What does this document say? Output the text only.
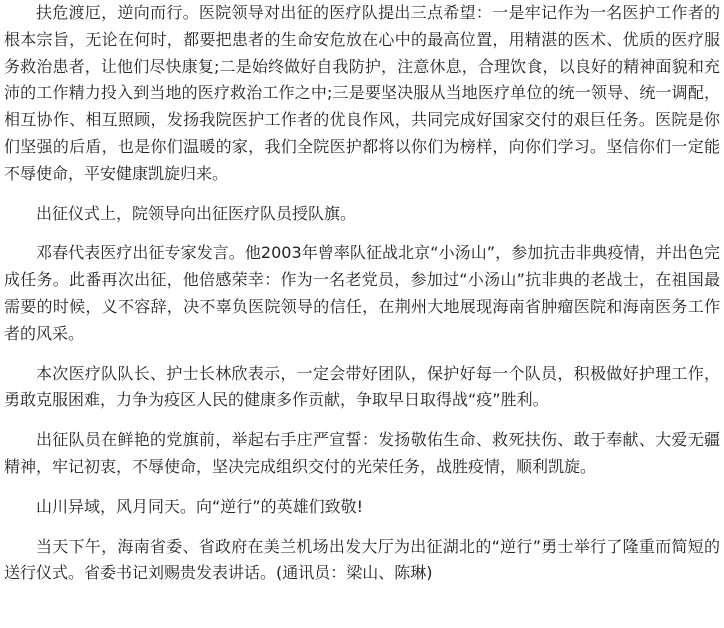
扶危渡厄，逆向而行。医院领导对出征的医疗队提出三点希望：一是牢记作为一名医护工作者的根本宗旨，无论在何时，都要把患者的生命安危放在心中的最高位置，用精湛的医术、优质的医疗服务救治患者，让他们尽快康复;二是始终做好自我防护，注意休息，合理饮食，以良好的精神面貌和充沛的工作精力投入到当地的医疗救治工作之中;三是要坚决服从当地医疗单位的统一领导、统一调配，相互协作、相互照顾，发扬我院医护工作者的优良作风，共同完成好国家交付的艰巨任务。医院是你们坚强的后盾，也是你们温暖的家，我们全院医护都将以你们为榜样，向你们学习。坚信你们一定能不辱使命，平安健康凯旋归来。

出征仪式上，院领导向出征医疗队员授队旗。

邓春代表医疗出征专家发言。他2003年曾率队征战北京“小汤山”，参加抗击非典疫情，并出色完成任务。此番再次出征，他倍感荣幸：作为一名老党员，参加过“小汤山”抗非典的老战士，在祖国最需要的时候，义不容辞，决不辜负医院领导的信任，在荆州大地展现海南省肿瘤医院和海南医务工作者的风采。

本次医疗队队长、护士长林欣表示，一定会带好团队，保护好每一个队员，积极做好护理工作，勇敢克服困难，力争为疫区人民的健康多作贡献，争取早日取得战“疫”胜利。

出征队员在鲜艳的党旗前，举起右手庄严宣誓：发扬敬佑生命、救死扶伤、敢于奉献、大爱无疆精神，牢记初衷，不辱使命，坚决完成组织交付的光荣任务，战胜疫情，顺利凯旋。

山川异域，风月同天。向“逆行”的英雄们致敬!

当天下午，海南省委、省政府在美兰机场出发大厅为出征湖北的“逆行”勇士举行了隆重而简短的送行仪式。省委书记刘赐贵发表讲话。(通讯员：梁山、陈琳)
